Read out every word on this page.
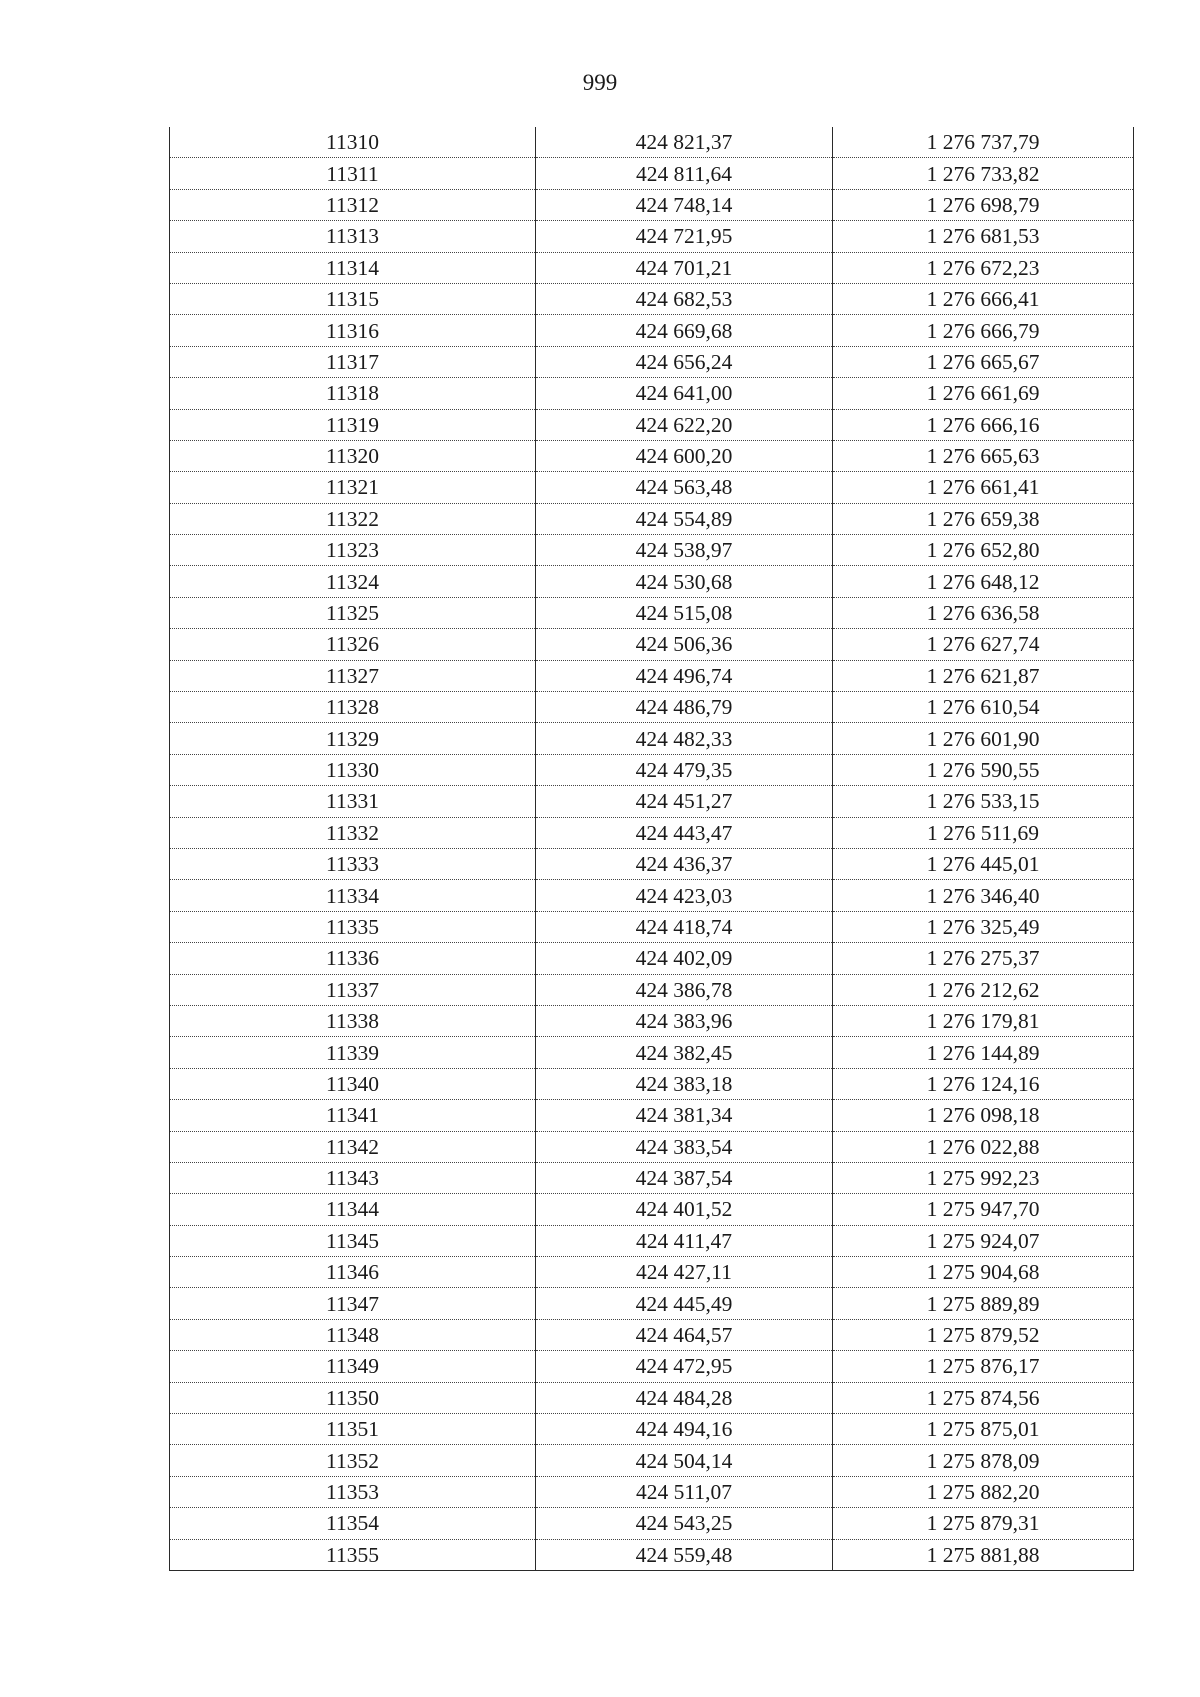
999
11310	424 821,37	1 276 737,79
11311	424 811,64	1 276 733,82
11312	424 748,14	1 276 698,79
11313	424 721,95	1 276 681,53
11314	424 701,21	1 276 672,23
11315	424 682,53	1 276 666,41
11316	424 669,68	1 276 666,79
11317	424 656,24	1 276 665,67
11318	424 641,00	1 276 661,69
11319	424 622,20	1 276 666,16
11320	424 600,20	1 276 665,63
11321	424 563,48	1 276 661,41
11322	424 554,89	1 276 659,38
11323	424 538,97	1 276 652,80
11324	424 530,68	1 276 648,12
11325	424 515,08	1 276 636,58
11326	424 506,36	1 276 627,74
11327	424 496,74	1 276 621,87
11328	424 486,79	1 276 610,54
11329	424 482,33	1 276 601,90
11330	424 479,35	1 276 590,55
11331	424 451,27	1 276 533,15
11332	424 443,47	1 276 511,69
11333	424 436,37	1 276 445,01
11334	424 423,03	1 276 346,40
11335	424 418,74	1 276 325,49
11336	424 402,09	1 276 275,37
11337	424 386,78	1 276 212,62
11338	424 383,96	1 276 179,81
11339	424 382,45	1 276 144,89
11340	424 383,18	1 276 124,16
11341	424 381,34	1 276 098,18
11342	424 383,54	1 276 022,88
11343	424 387,54	1 275 992,23
11344	424 401,52	1 275 947,70
11345	424 411,47	1 275 924,07
11346	424 427,11	1 275 904,68
11347	424 445,49	1 275 889,89
11348	424 464,57	1 275 879,52
11349	424 472,95	1 275 876,17
11350	424 484,28	1 275 874,56
11351	424 494,16	1 275 875,01
11352	424 504,14	1 275 878,09
11353	424 511,07	1 275 882,20
11354	424 543,25	1 275 879,31
11355	424 559,48	1 275 881,88
